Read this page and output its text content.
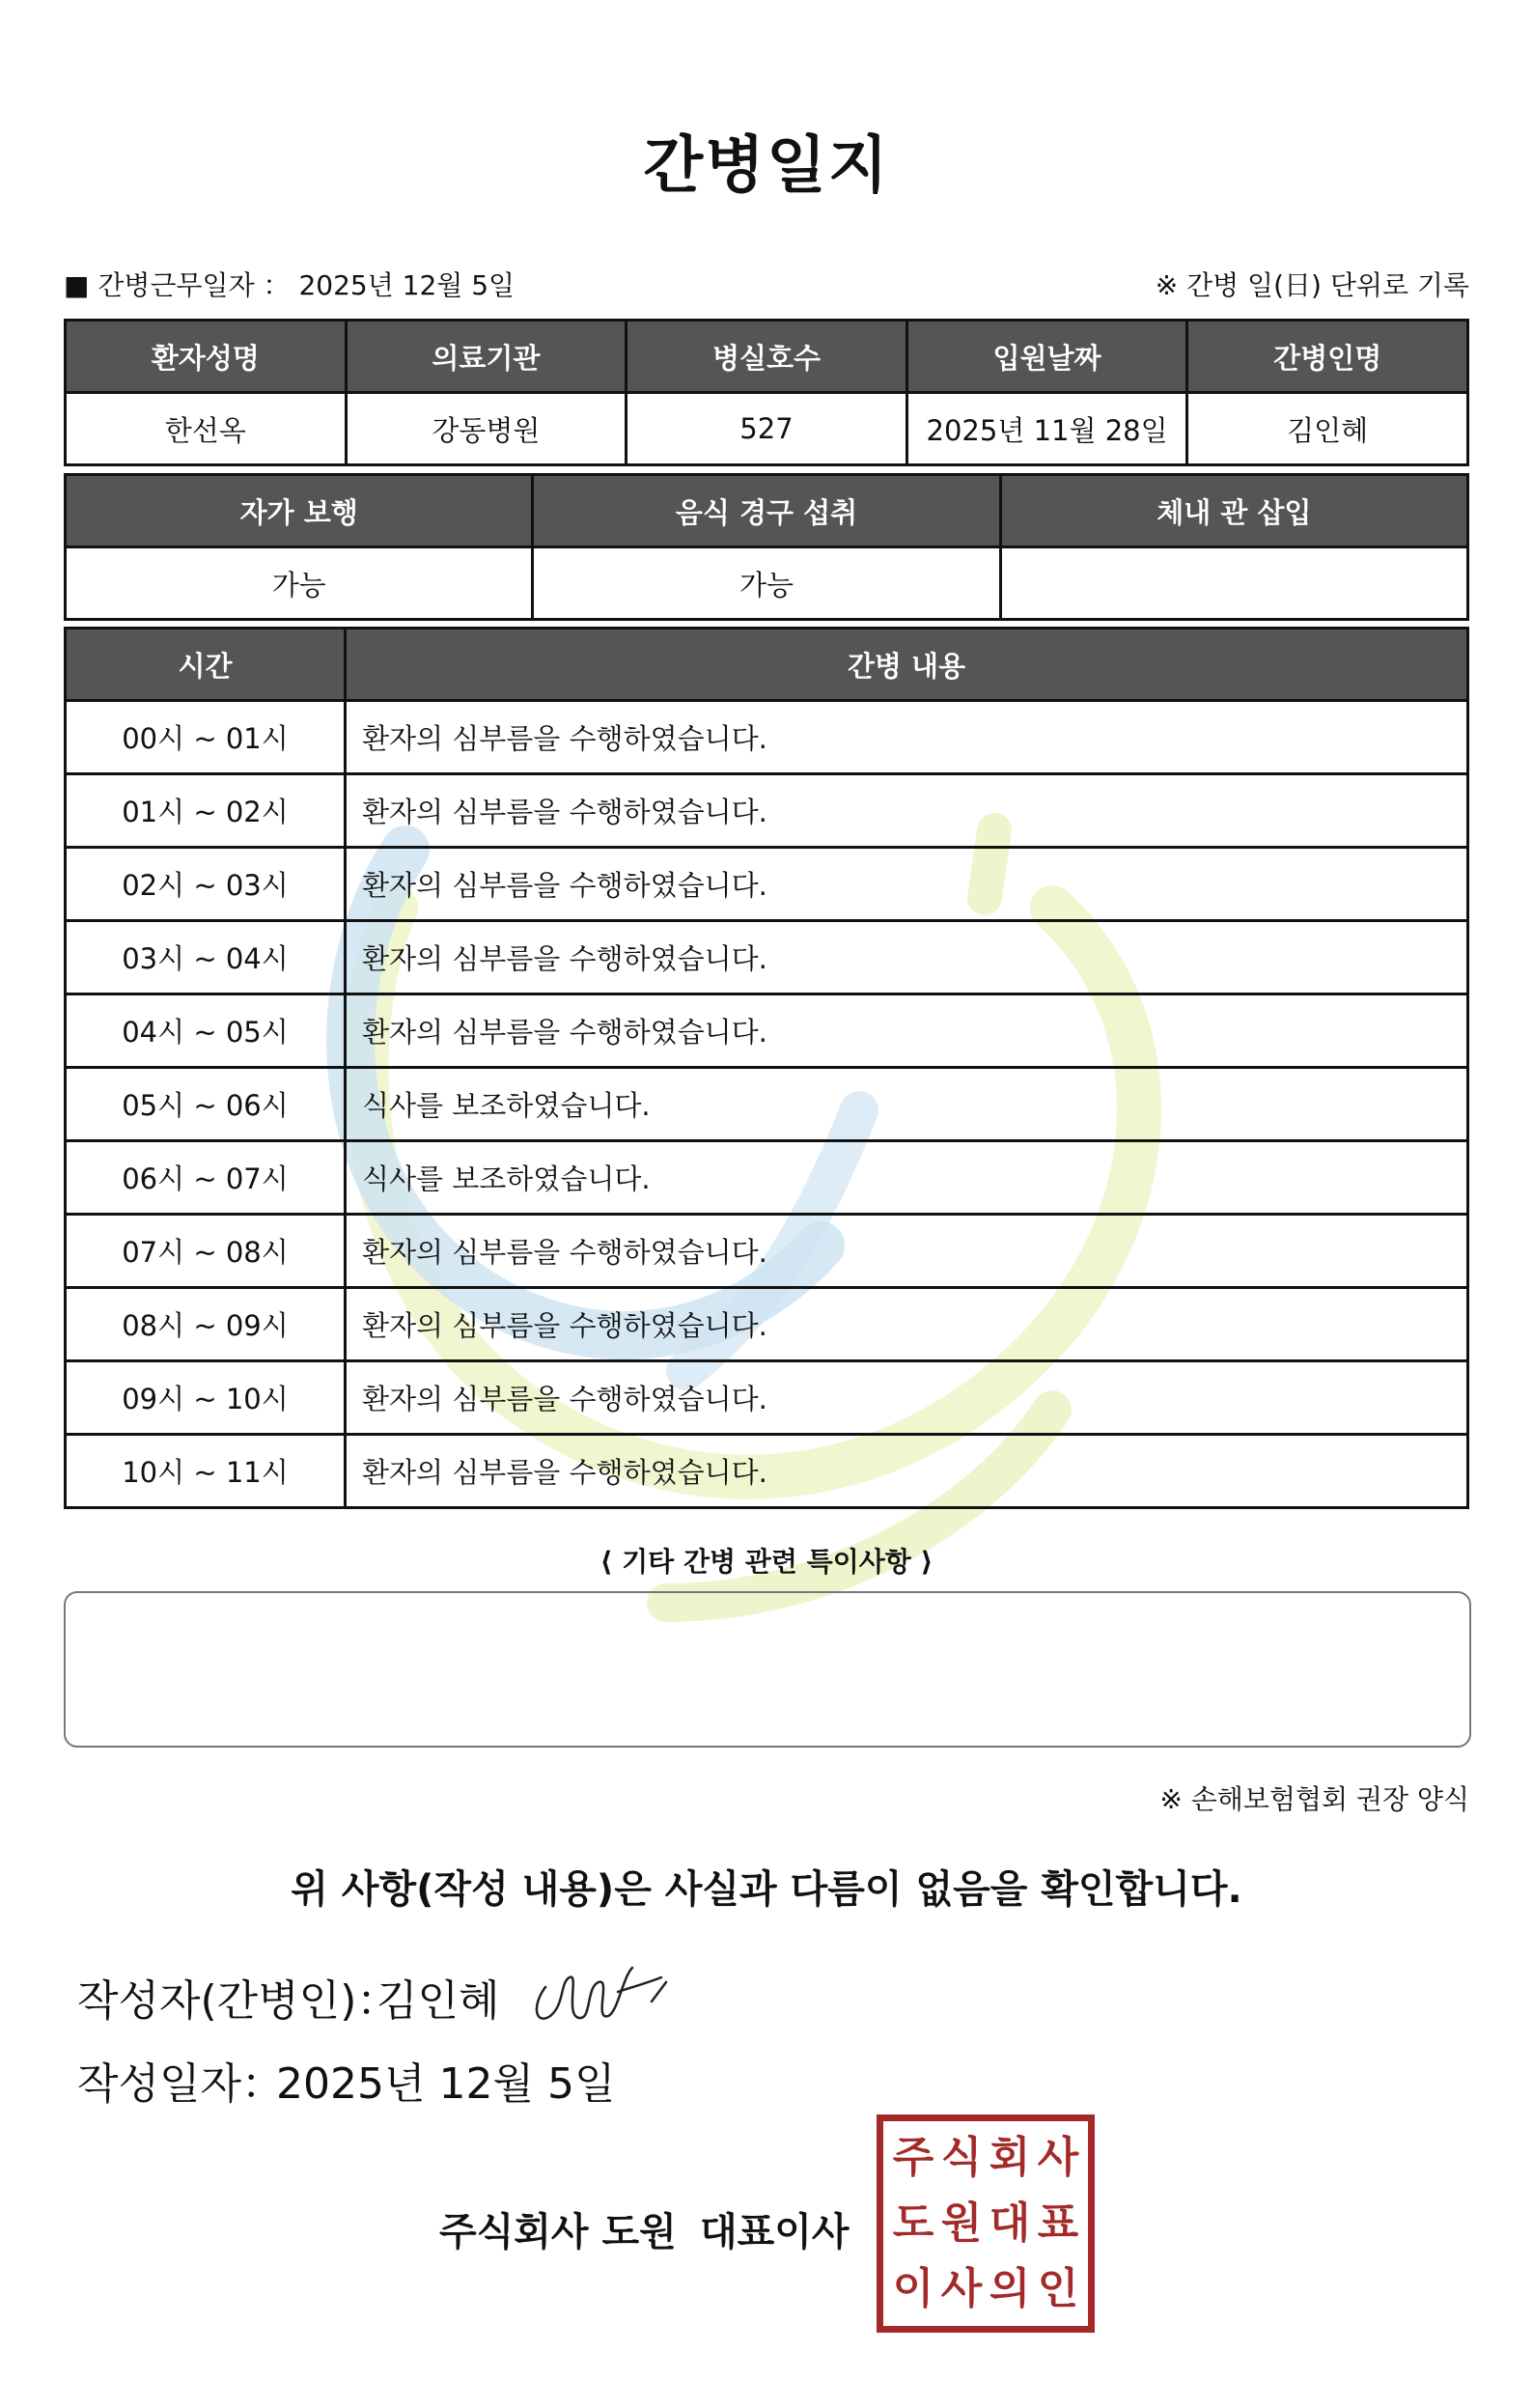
간병일지
■ 간병근무일자 ： 2025년 12월 5일	※ 간병 일(日) 단위로 기록
환자성명	의료기관	병실호수	입원날짜	간병인명
한선옥	강동병원	527	2025년 11월 28일	김인혜
자가 보행	음식 경구 섭취	체내 관 삽입
가능	가능	
시간	간병 내용
00시 ~ 01시	환자의 심부름을 수행하였습니다.
01시 ~ 02시	환자의 심부름을 수행하였습니다.
02시 ~ 03시	환자의 심부름을 수행하였습니다.
03시 ~ 04시	환자의 심부름을 수행하였습니다.
04시 ~ 05시	환자의 심부름을 수행하였습니다.
05시 ~ 06시	식사를 보조하였습니다.
06시 ~ 07시	식사를 보조하였습니다.
07시 ~ 08시	환자의 심부름을 수행하였습니다.
08시 ~ 09시	환자의 심부름을 수행하였습니다.
09시 ~ 10시	환자의 심부름을 수행하였습니다.
10시 ~ 11시	환자의 심부름을 수행하였습니다.
⟨ 기타 간병 관련 특이사항 ⟩
※ 손해보험협회 권장 양식
위 사항(작성 내용)은 사실과 다름이 없음을 확인합니다.
작성자(간병인)：
김인혜
작성일자：
2025년 12월 5일
주식회사 도원 대표이사
주 식 회 사
도 원 대 표
이 사 의 인
